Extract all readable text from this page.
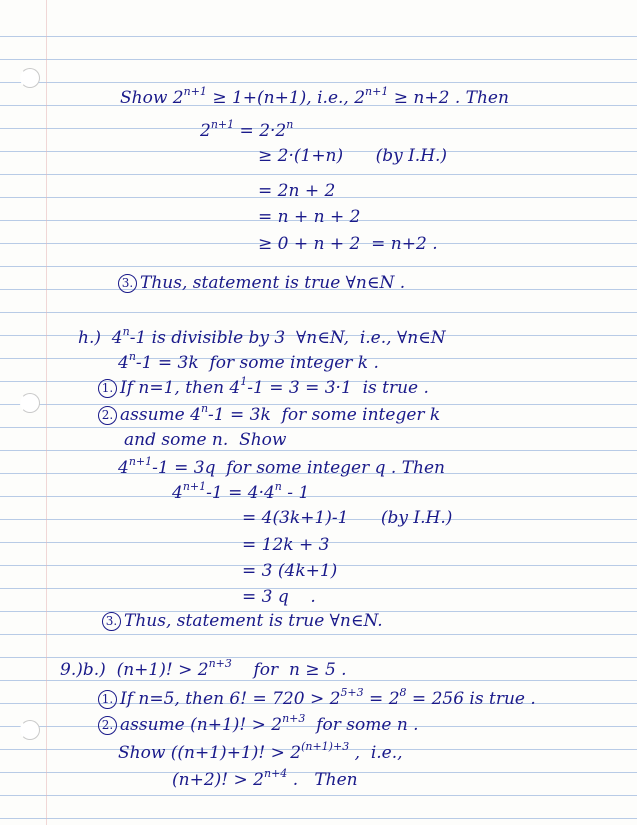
Show $2^{n+1} \ge 1+(n+1)$, i.e., $2^{n+1} \ge n+2$ . Then
$2^{n+1} = 2\cdot 2^n$
≥ 2·(1+n)      (by I.H.)
= 2n + 2
= n + n + 2
≥ 0 + n + 2  = n+2 .
3. Thus, statement is true ∀n∈N .
h.)  4$^n$-1 is divisible by 3  ∀n∈N,  i.e., ∀n∈N
$4^n-1 = 3k$  for some integer k .
1. If n=1, then $4^1-1 = 3 = 3\cdot 1$  is true .
2. assume $4^n-1 = 3k$  for some integer k
and some n.  Show
$4^{n+1}-1 = 3q$  for some integer q . Then
$4^{n+1}-1 = 4\cdot 4^n - 1$
= 4(3k+1)-1      (by I.H.)
= 12k + 3
= 3 (4k+1)
= 3 q    .
3. Thus, statement is true ∀n∈N.
9.)b.)  (n+1)! > $2^{n+3}$    for  n ≥ 5 .
1. If n=5, then 6! = $720 > 2^{5+3} = 2^8 = 256$ is true .
2. assume (n+1)! > $2^{n+3}$  for some n .
Show ((n+1)+1)! > $2^{(n+1)+3}$ ,  i.e.,
(n+2)! > $2^{n+4}$ .   Then
